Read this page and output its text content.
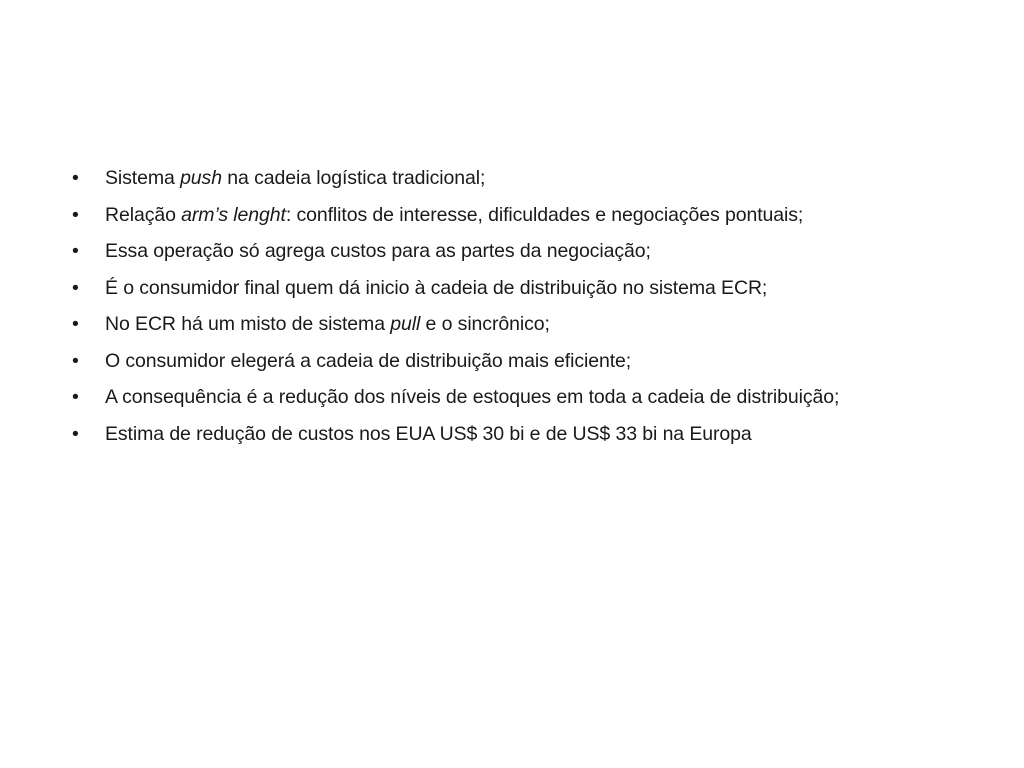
•	Sistema push na cadeia logística tradicional;
•	Relação arm’s lenght: conflitos de interesse, dificuldades e negociações pontuais;
•	Essa operação só agrega custos para as partes da negociação;
•	É o consumidor final quem dá inicio à cadeia de distribuição no sistema ECR;
•	No ECR há um misto de sistema pull e o sincrônico;
•	O consumidor elegerá a cadeia de distribuição mais eficiente;
•	A consequência é a redução dos níveis de estoques em toda a cadeia de distribuição;
•	Estima de redução de custos nos EUA US$ 30 bi e de US$ 33 bi na Europa
